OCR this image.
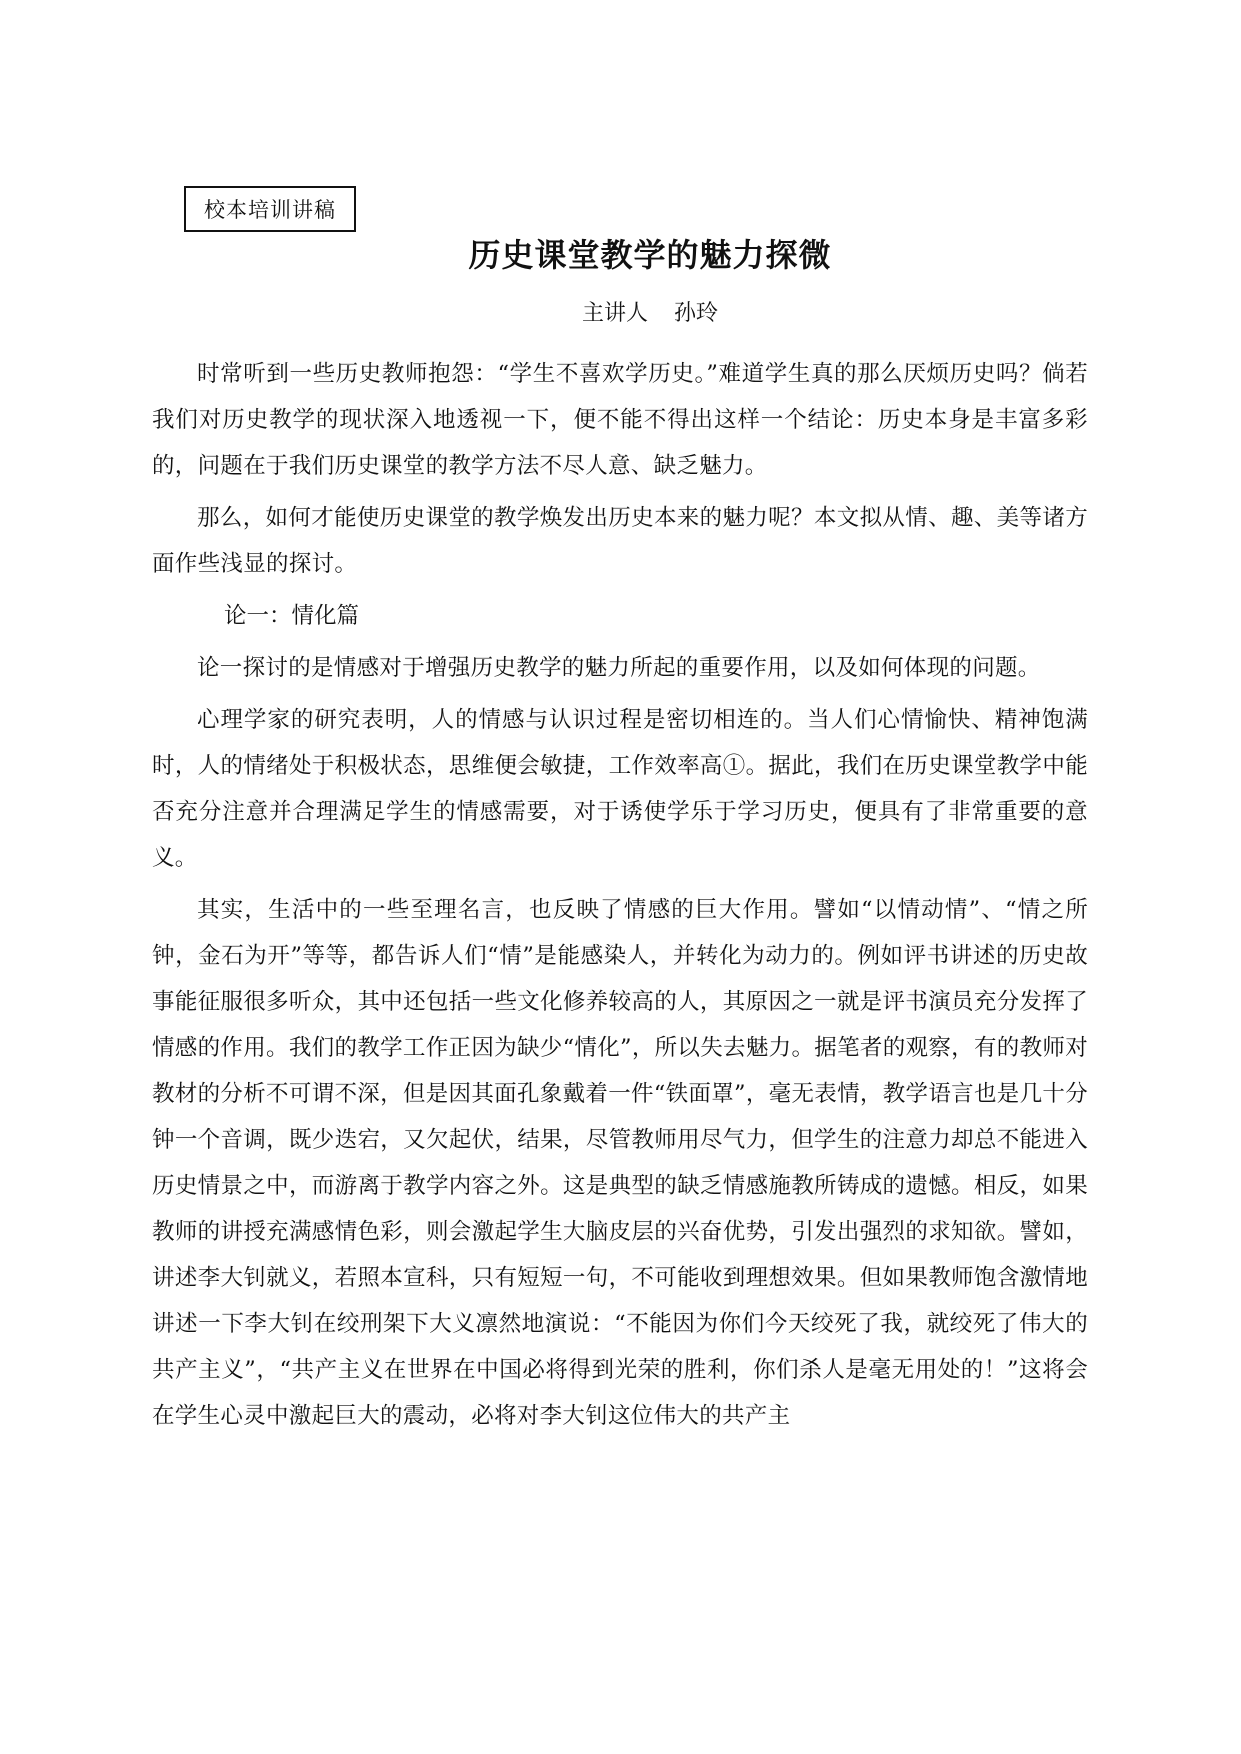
校本培训讲稿
历史课堂教学的魅力探微
主讲人 孙玲

时常听到一些历史教师抱怨：“学生不喜欢学历史。”难道学生真的那么厌烦历史吗？倘若我们对历史教学的现状深入地透视一下，便不能不得出这样一个结论：历史本身是丰富多彩的，问题在于我们历史课堂的教学方法不尽人意、缺乏魅力。

那么，如何才能使历史课堂的教学焕发出历史本来的魅力呢？本文拟从情、趣、美等诸方面作些浅显的探讨。

论一：情化篇

论一探讨的是情感对于增强历史教学的魅力所起的重要作用，以及如何体现的问题。

心理学家的研究表明，人的情感与认识过程是密切相连的。当人们心情愉快、精神饱满时，人的情绪处于积极状态，思维便会敏捷，工作效率高①。据此，我们在历史课堂教学中能否充分注意并合理满足学生的情感需要，对于诱使学乐于学习历史，便具有了非常重要的意义。

其实，生活中的一些至理名言，也反映了情感的巨大作用。譬如“以情动情”、“情之所钟，金石为开”等等，都告诉人们“情”是能感染人，并转化为动力的。例如评书讲述的历史故事能征服很多听众，其中还包括一些文化修养较高的人，其原因之一就是评书演员充分发挥了情感的作用。我们的教学工作正因为缺少“情化”，所以失去魅力。据笔者的观察，有的教师对教材的分析不可谓不深，但是因其面孔象戴着一件“铁面罩”，毫无表情，教学语言也是几十分钟一个音调，既少迭宕，又欠起伏，结果，尽管教师用尽气力，但学生的注意力却总不能进入历史情景之中，而游离于教学内容之外。这是典型的缺乏情感施教所铸成的遗憾。相反，如果教师的讲授充满感情色彩，则会激起学生大脑皮层的兴奋优势，引发出强烈的求知欲。譬如，讲述李大钊就义，若照本宣科，只有短短一句，不可能收到理想效果。但如果教师饱含激情地讲述一下李大钊在绞刑架下大义凛然地演说：“不能因为你们今天绞死了我，就绞死了伟大的共产主义”，“共产主义在世界在中国必将得到光荣的胜利，你们杀人是毫无用处的！”这将会在学生心灵中激起巨大的震动，必将对李大钊这位伟大的共产主
